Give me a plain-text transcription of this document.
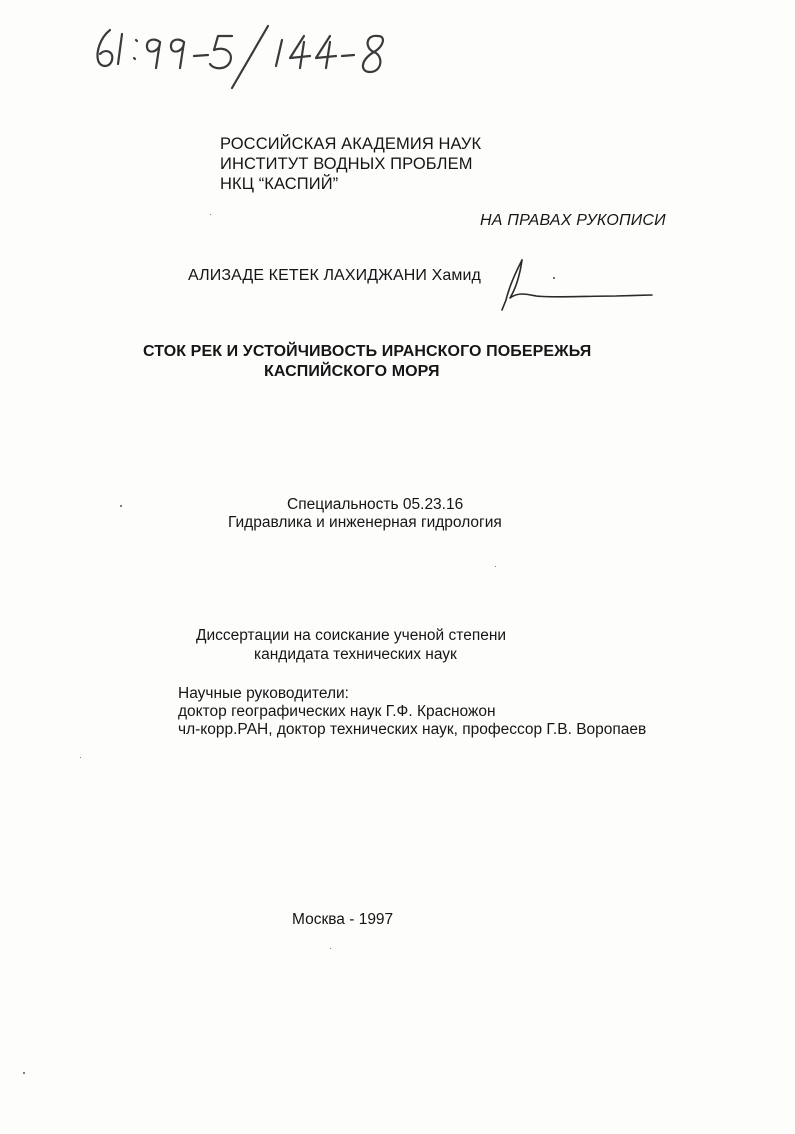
РОССИЙСКАЯ АКАДЕМИЯ НАУК
ИНСТИТУТ ВОДНЫХ ПРОБЛЕМ
НКЦ “КАСПИЙ”
НА ПРАВАХ РУКОПИСИ
АЛИЗАДЕ КЕТЕК ЛАХИДЖАНИ Хамид
СТОК РЕК И УСТОЙЧИВОСТЬ ИРАНСКОГО ПОБЕРЕЖЬЯ
КАСПИЙСКОГО МОРЯ
Специальность 05.23.16
Гидравлика и инженерная гидрология
Диссертации на соискание ученой степени
кандидата технических наук
Научные руководители:
доктор географических наук Г.Ф. Красножон
чл-корр.РАН, доктор технических наук, профессор Г.В. Воропаев
Москва - 1997
